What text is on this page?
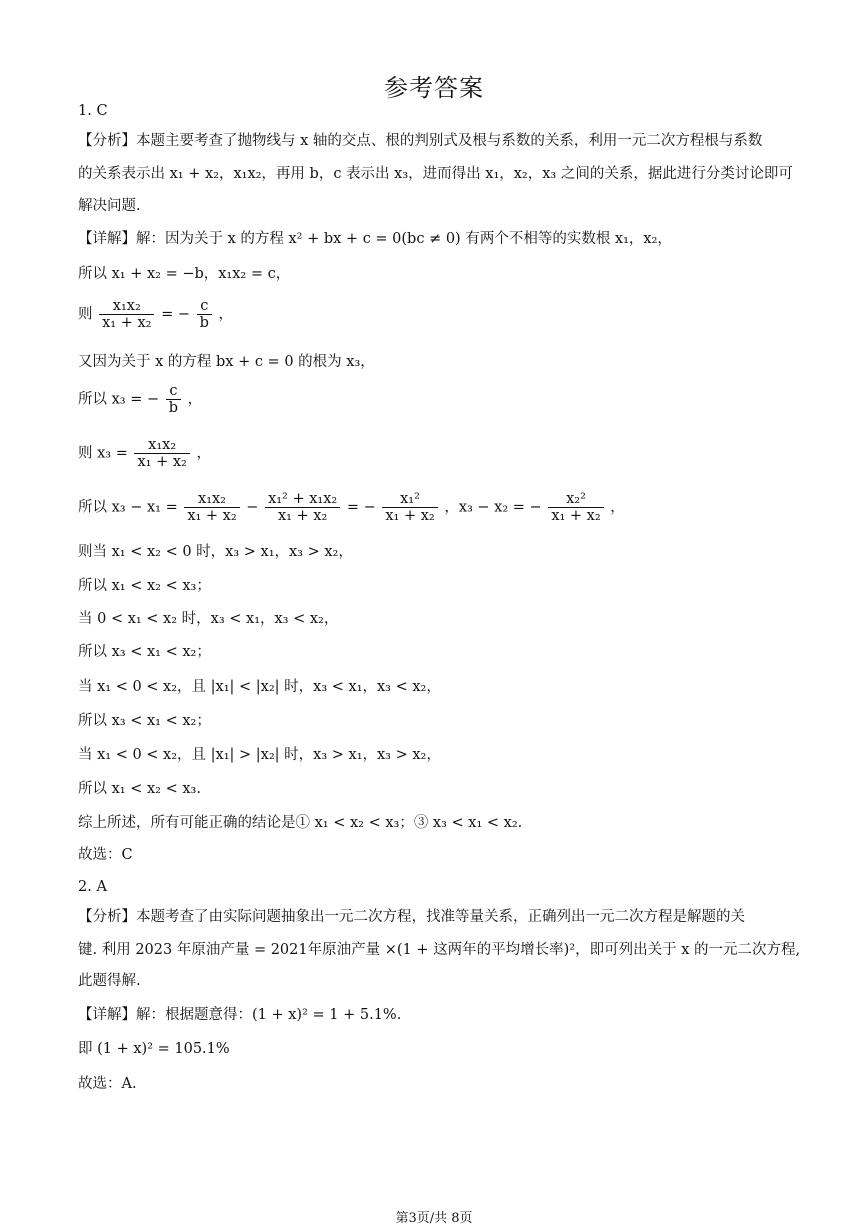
参考答案
1. C
【分析】本题主要考查了抛物线与 x 轴的交点、根的判别式及根与系数的关系，利用一元二次方程根与系数
的关系表示出 x₁ + x₂，x₁x₂，再用 b，c 表示出 x₃，进而得出 x₁，x₂，x₃ 之间的关系，据此进行分类讨论即可
解决问题.
【详解】解：因为关于 x 的方程 x² + bx + c = 0(bc ≠ 0) 有两个不相等的实数根 x₁，x₂，
所以 x₁ + x₂ = −b，x₁x₂ = c，
则 $\frac{\text{x₁x₂}}{\text{x₁ + x₂}}$ = − $\frac{c}{b}$ ，
又因为关于 x 的方程 bx + c = 0 的根为 x₃，
所以 x₃ = − $\frac{c}{b}$ ，
则 $x_3 = \frac{\text{x₁x₂}}{\text{x₁ + x₂}}$ ，
所以 $x_3 - x_1 = \frac{\text{x₁x₂}}{\text{x₁ + x₂}} - \frac{\text{x₁² + x₁x₂}}{\text{x₁ + x₂}}$ = − $\frac{\text{x₁²}}{\text{x₁ + x₂}}$ ，x₃ − x₂ = − $\frac{\text{x₂²}}{\text{x₁ + x₂}}$ ，
则当 x₁ < x₂ < 0 时，x₃ > x₁，x₃ > x₂，
所以 x₁ < x₂ < x₃；
当 0 < x₁ < x₂ 时，x₃ < x₁，x₃ < x₂，
所以 x₃ < x₁ < x₂；
当 x₁ < 0 < x₂，且 |x₁| < |x₂| 时，x₃ < x₁，x₃ < x₂，
所以 x₃ < x₁ < x₂；
当 x₁ < 0 < x₂，且 |x₁| > |x₂| 时，x₃ > x₁，x₃ > x₂，
所以 x₁ < x₂ < x₃.
综上所述，所有可能正确的结论是① x₁ < x₂ < x₃；③ x₃ < x₁ < x₂.
故选：C
2. A
【分析】本题考查了由实际问题抽象出一元二次方程，找准等量关系，正确列出一元二次方程是解题的关
键. 利用 2023 年原油产量 = 2021年原油产量 ×(1 + 这两年的平均增长率)²，即可列出关于 x 的一元二次方程,
此题得解.
【详解】解：根据题意得：(1 + x)² = 1 + 5.1%.
即 (1 + x)² = 105.1%
故选：A.
第3页/共 8页
